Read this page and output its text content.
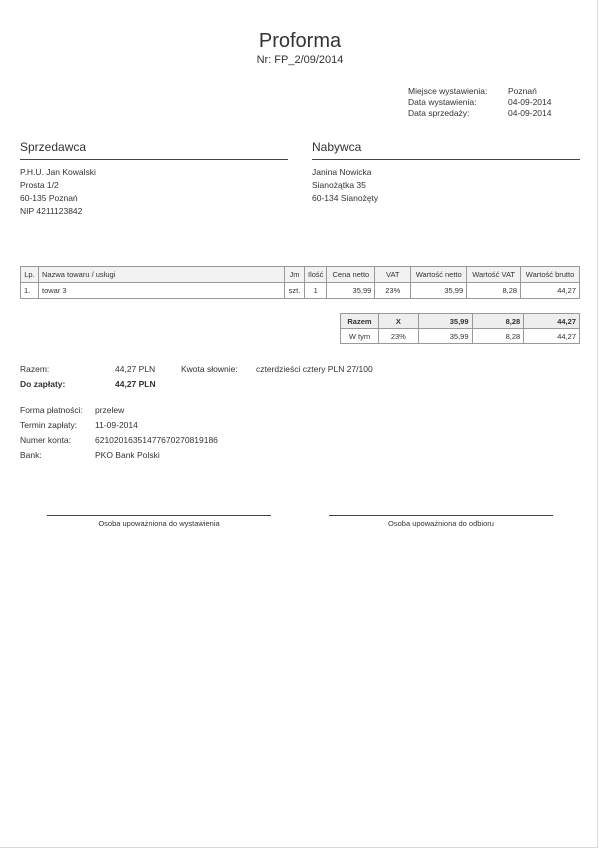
Proforma
Nr: FP_2/09/2014
Miejsce wystawienia: Poznań
Data wystawienia:	04-09-2014
Data sprzedaży:	04-09-2014
Sprzedawca
P.H.U. Jan Kowalski
Prosta 1/2
60-135 Poznań
NIP 4211123842
Nabywca
Janina Nowicka
Sianożątka 35
60-134 Sianożęty
Lp.	Nazwa towaru / usługi	Jm	Ilość	Cena netto	VAT	Wartość netto	Wartość VAT	Wartość brutto
1.	towar 3	szt.	1	35,99	23%	35,99	8,28	44,27
Razem	X	35,99	8,28	44,27
W tym	23%	35,99	8,28	44,27
Razem:	44,27 PLN	Kwota słownie: czterdzieści cztery PLN 27/100
Do zapłaty:	44,27 PLN
Forma płatności: przelew
Termin zapłaty: 11-09-2014
Numer konta:	62102016351477670270819186
Bank:	PKO Bank Polski
Osoba upoważniona do wystawienia	Osoba upoważniona do odbioru
